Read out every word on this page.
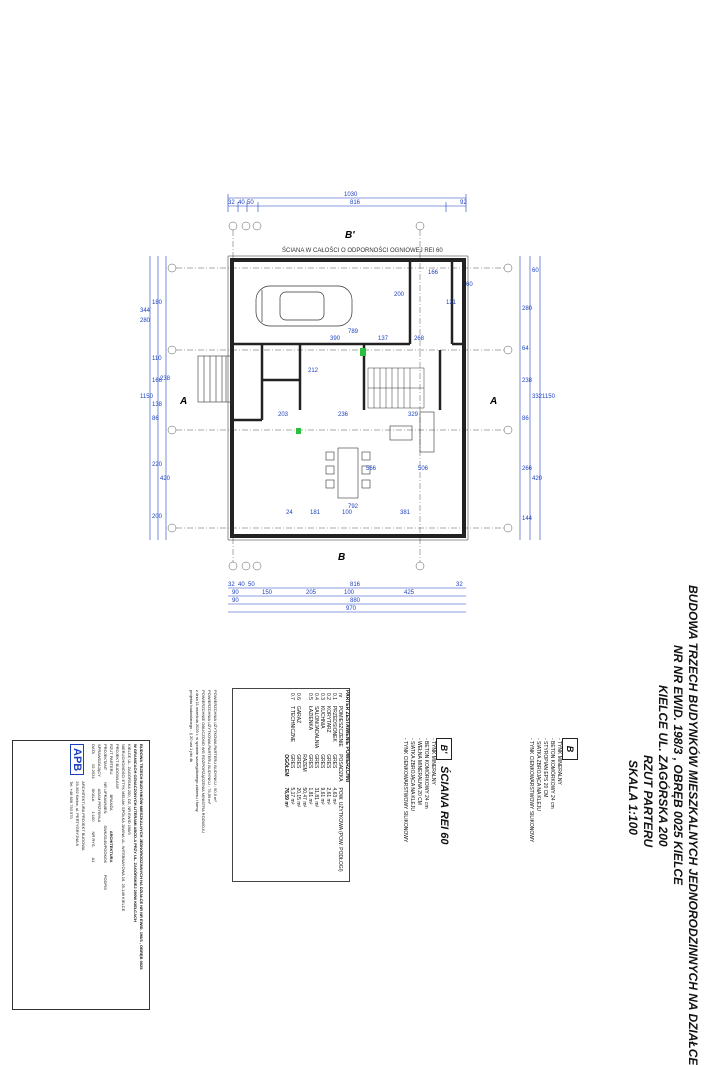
1030
816
32 40 50	92
ŚCIANA W CAŁOŚCI O ODPORNOŚCI OGNIOWEJ REI 60
B'
B
A	A
166
390
789
137	268
212
236	329
203
381
792
100
181
24
506
566
60
200
121
344
280
180
110
238
166
138
86
220
420
200
1150
280
64
238
332
86
266
420
144
1150
60
32 40 50	816	32
90	150	205	100	425
90	880
970	BUDOWA TRZECH BUDYNKÓW MIESZKALNYCH JEDNORODZINNYCH NA DZIAŁCE
NR NR EWID. 198/3 , OBRĘB 0025 KIELCE
KIELCE UL. ZAGÓRSKA 200
RZUT PARTERU
SKALA 1:100
B
- TYNK MINERALNY
- BETON KOMÓRKOWY 24 cm
- STYROPIAN EPS 20 CM
- SIATKA ZBROJĄCA NA KLEJU
- TYNK CIENKOWARSTWOWY SILIKONOWY
B'
ŚCIANA REI 60
- TYNK MINERALNY
- BETON KOMÓRKOWY 24 cm
- WEŁNA MINERALNA 20 CM
- SIATKA ZBROJĄCA NA KLEJU
- TYNK CIENKOWARSTWOWY SILIKONOWY
PARTER ZESTAWIENIE POWIERZCHNI
nr	POMIESZCZENIE	POSADZKA	POW. UŻYTKOWA (POW. PODŁOGI)
0.1	PRZEDSIONEK	GRES	4,63 m²
0.2	KORYTARZ	GRES	2,61 m²
0.3	KUCHNIA	GRES	9,61 m²
0.4	SALON/JADALNIA	GRES	31,81 m²
0.5	ŁAZIENKA	GRES	1,81 m²
		RAZEM	50,47 m²
0.6	GARAŻ	GRES	20,15 m²
0.7	T.TECHNICZNE	GRES	5,17 m²
		OGÓŁEM	76,59 m²
POWIERZCHNIA UŻYTKOWA PARTERU BUDYNKU : 50,5 m²
POWIERZCHNIA UŻYTKOWA PARTERU BUDYNKU : 76,59 m²
POWIERZCHNIE OBLICZONO WG ROZPORZĄDZENIA MINISTRA ROZWOJU
z dnia 11 września 2020 r. w sprawie szczegółowego zakresu i formy
projektu budowlanego - § 20 ust 1 pkt 4b
BUDOWA TRZECH BUDYNKÓW MIESZKALNYCH JEDNORODZINNYCH NA DZIAŁCE NR NR EWID. 198/3 , OBRĘB 0025 W GRANICACH OZNACZONYCH LITERAMI ABCD-A PRZY UL. ZAGÓRSKIEJ 200W KIELCACH
KIELCE UL. ZAGÓRSKA 200, DZ. NR EWID 198/3
NIERUCHOMOŚCI ETYK MELIAK SPÓŁKA JAWNA UL. WITEBNAYOWA 16, 25-148 KIELCE
PROJEKT BUDOWLANY
RZUT PARTERU
BRANŻA
ARCHITEKTURA
PROJEKTANT
NR UPRAWNIEŃ
ŚWK/0149/POOK/06
PODPIS
SPRAWDZAJĄCY
ADAM PRZYBYŁA
DATA
02.2024
SKALA
1:100
NR RYS.
A1
APB
ARCHITEKTURA PROJEKT BUDOWA
25-362 Kielce, ul. PERTYGRYJNA 8
Tel. +48 606 793 570
